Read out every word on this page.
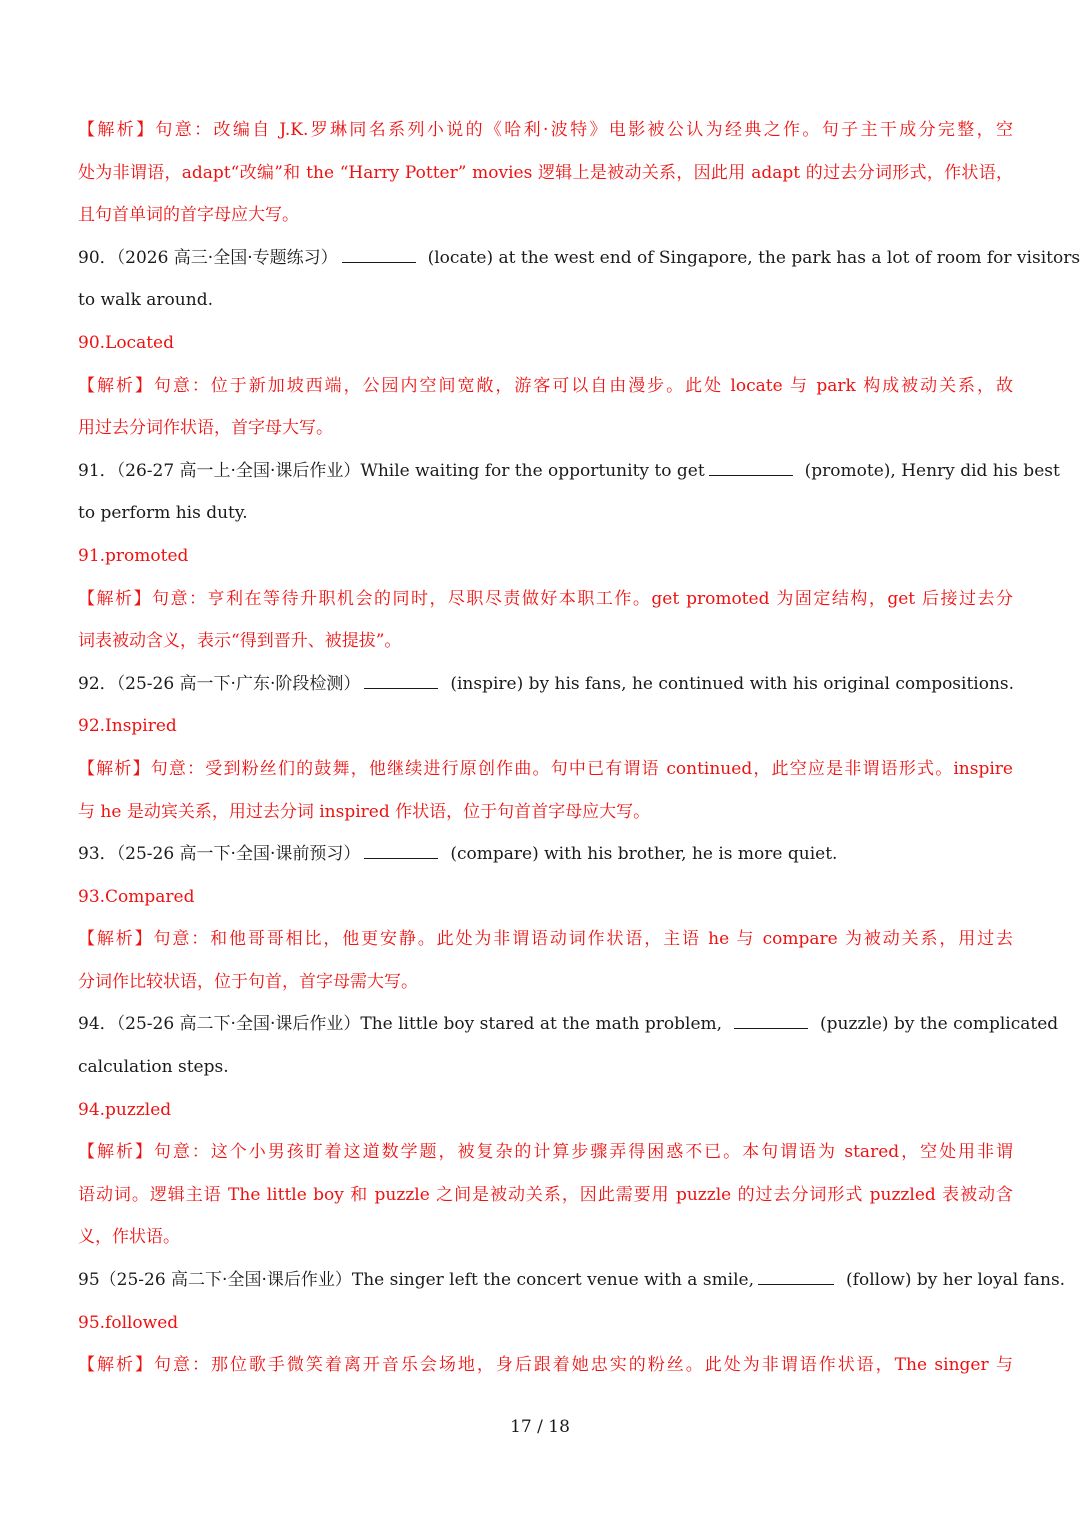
【解析】句意：改编自 J.K.罗琳同名系列小说的《哈利·波特》电影被公认为经典之作。句子主干成分完整，空
处为非谓语，adapt“改编”和 the “Harry Potter” movies 逻辑上是被动关系，因此用 adapt 的过去分词形式，作状语，
且句首单词的首字母应大写。
90．（2026 高三·全国·专题练习）	(locate) at the west end of Singapore, the park has a lot of room for visitors
to walk around.
90.Located
【解析】句意：位于新加坡西端，公园内空间宽敞，游客可以自由漫步。此处 locate 与 park 构成被动关系，故
用过去分词作状语，首字母大写。
91．（26-27 高一上·全国·课后作业）While waiting for the opportunity to get	(promote), Henry did his best
to perform his duty.
91.promoted
【解析】句意：亨利在等待升职机会的同时，尽职尽责做好本职工作。get promoted 为固定结构，get 后接过去分
词表被动含义，表示“得到晋升、被提拔”。
92．（25-26 高一下·广东·阶段检测）	(inspire) by his fans, he continued with his original compositions.
92.Inspired
【解析】句意：受到粉丝们的鼓舞，他继续进行原创作曲。句中已有谓语 continued，此空应是非谓语形式。inspire
与 he 是动宾关系，用过去分词 inspired 作状语，位于句首首字母应大写。
93．（25-26 高一下·全国·课前预习）	(compare) with his brother, he is more quiet.
93.Compared
【解析】句意：和他哥哥相比，他更安静。此处为非谓语动词作状语，主语 he 与 compare 为被动关系，用过去
分词作比较状语，位于句首，首字母需大写。
94．（25-26 高二下·全国·课后作业）The little boy stared at the math problem,	(puzzle) by the complicated
calculation steps.
94.puzzled
【解析】句意：这个小男孩盯着这道数学题，被复杂的计算步骤弄得困惑不已。本句谓语为 stared，空处用非谓
语动词。逻辑主语 The little boy 和 puzzle 之间是被动关系，因此需要用 puzzle 的过去分词形式 puzzled 表被动含
义，作状语。
95（25-26 高二下·全国·课后作业）The singer left the concert venue with a smile,	(follow) by her loyal fans.
95.followed
【解析】句意：那位歌手微笑着离开音乐会场地，身后跟着她忠实的粉丝。此处为非谓语作状语，The singer 与
17 / 18
